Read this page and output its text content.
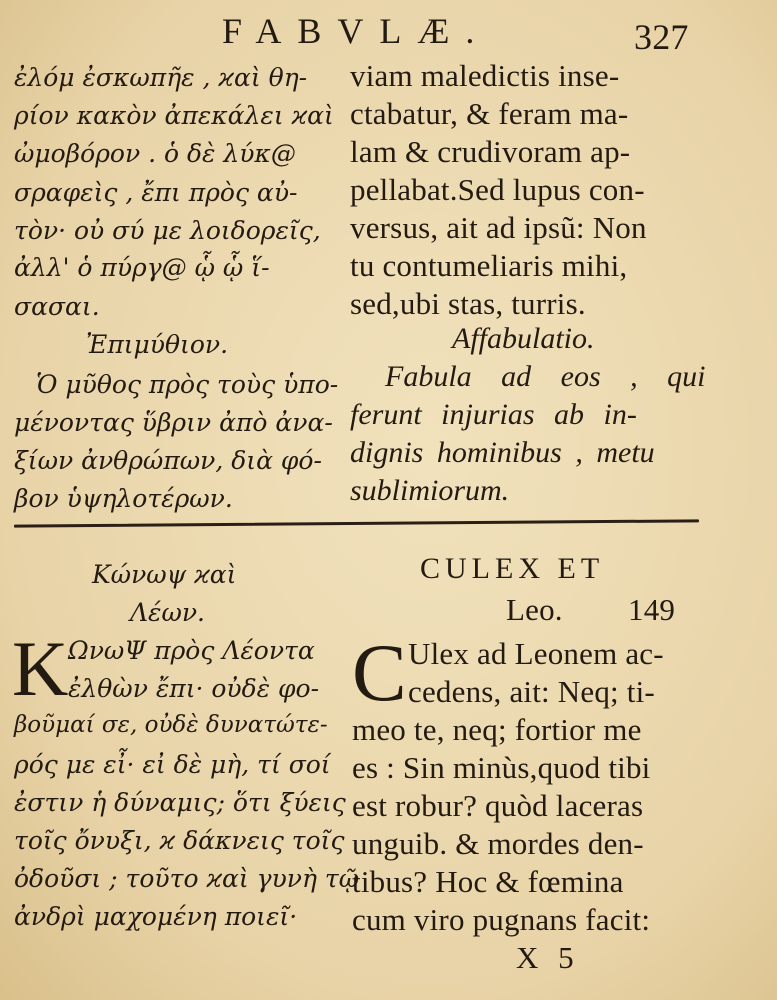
FABVLÆ.	327
ἐλόμ ἐσκωπῆε , ϰαὶ θη-
ρίον κακὸν ἀπεκάλει ϰαὶ
ὠμοβόρον . ὁ δὲ λύκ@
σραφεὶς , ἔπι πρὸς αὐ-
τὸν· οὐ σύ με λοιδορεῖς,
ἀλλ' ὁ πύργ@ ᾧ ᾧ ἵ-
σασαι.
Ἐπιμύθιον.
Ὁ μῦθος πρὸς τοὺς ὑπο-
μένοντας ὕβριν ἀπὸ ἀνα-
ξίων ἀνθρώπων, διὰ φό-
βον ὑψηλοτέρων.
viam maledictis inse-
ctabatur, & feram ma-
lam & crudivoram ap-
pellabat.Sed lupus con-
versus, ait ad ipsũ: Non
tu contumeliaris mihi,
sed,ubi stas, turris.
Affabulatio.
Fabula ad eos , qui
ferunt injurias ab in-
dignis hominibus , metu
sublimiorum.
Κώνωψ ϰαὶ
Λέων.
K ΩνωΨ πρὸς Λέοντα
ἐλθὼν ἔπι· οὐδὲ φο-
βοῦμαί σε, οὐδὲ δυνατώτε-
ρός με εἶ· εἰ δὲ μὴ, τί σοί
ἐστιν ἡ δύναμις; ὅτι ξύεις
τοῖς ὄνυξι, ϰ δάκνεις τοῖς
ὀδοῦσι ; τοῦτο ϰαὶ γυνὴ τῷ
ἀνδρὶ μαχομένη ποιεῖ·
CULEX ET
Leo. 149
C Ulex ad Leonem ac-
cedens, ait: Neq; ti-
meo te, neq; fortior me
es : Sin minùs,quod tibi
est robur? quòd laceras
unguib. & mordes den-
tibus? Hoc & fœmina
cum viro pugnans facit:
X 5
